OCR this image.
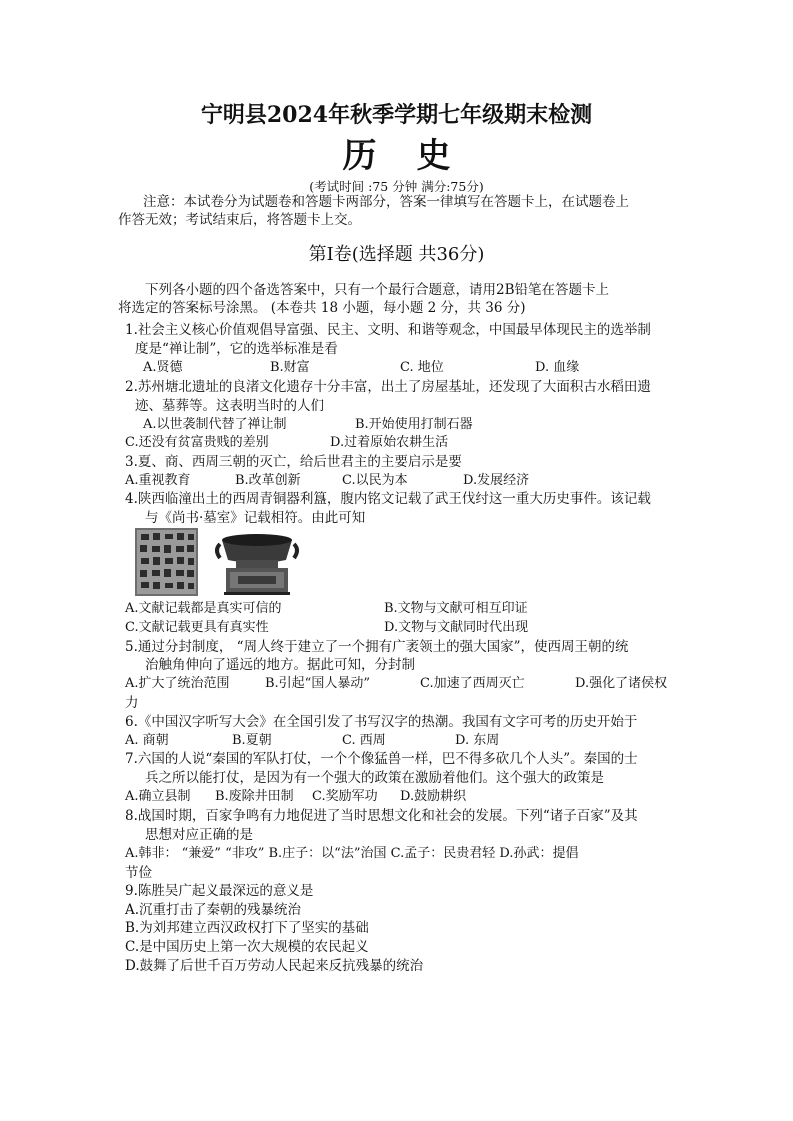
宁明县2024年秋季学期七年级期末检测
历史
(考试时间 :75 分钟 满分:75分)
注意：本试卷分为试题卷和答题卡两部分，答案一律填写在答题卡上，在试题卷上
作答无效；考试结束后，将答题卡上交。
第Ⅰ卷(选择题 共36分)
下列各小题的四个备选答案中，只有一个最行合题意，请用2B铅笔在答题卡上
将选定的答案标号涂黑。 (本卷共 18 小题，每小题 2 分，共 36 分)
1.社会主义核心价值观倡导富强、民主、文明、和谐等观念，中国最早体现民主的选举制
度是“禅让制”，它的选举标准是看
A.贤德	B.财富	C. 地位	D. 血缘
2.苏州塘北遗址的良渚文化遗存十分丰富，出土了房屋基址，还发现了大面积古水稻田遗
迹、墓葬等。这表明当时的人们
A.以世袭制代替了禅让制	B.开始使用打制石器
C.还没有贫富贵贱的差别	D.过着原始农耕生活
3.夏、商、西周三朝的灭亡，给后世君主的主要启示是要
A.重视教育	B.改革创新	C.以民为本	D.发展经济
4.陕西临潼出土的西周青铜器利簋，腹内铭文记载了武王伐纣这一重大历史事件。该记载
与《尚书·墓室》记载相符。由此可知
A.文献记载都是真实可信的	B.文物与文献可相互印证
C.文献记载更具有真实性	D.文物与文献同时代出现
5.通过分封制度， “周人终于建立了一个拥有广袤领土的强大国家”，使西周王朝的统
治触角伸向了遥远的地方。据此可知，分封制
A.扩大了统治范围	B.引起“国人暴动”	C.加速了西周灭亡	D.强化了诸侯权
力
6.《中国汉字听写大会》在全国引发了书写汉字的热潮。我国有文字可考的历史开始于
A. 商朝	B.夏朝	C. 西周	D. 东周
7.六国的人说“秦国的军队打仗，一个个像猛兽一样，巴不得多砍几个人头”。秦国的士
兵之所以能打仗，是因为有一个强大的政策在激励着他们。这个强大的政策是
A.确立县制 B.废除井田制 C.奖励军功 D.鼓励耕织
8.战国时期，百家争鸣有力地促进了当时思想文化和社会的发展。下列“诸子百家”及其
思想对应正确的是
A.韩非： “兼爱” “非攻” B.庄子：以“法”治国 C.孟子：民贵君轻 D.孙武：提倡
节俭
9.陈胜吴广起义最深远的意义是
A.沉重打击了秦朝的残暴统治
B.为刘邦建立西汉政权打下了坚实的基础
C.是中国历史上第一次大规模的农民起义
D.鼓舞了后世千百万劳动人民起来反抗残暴的统治
